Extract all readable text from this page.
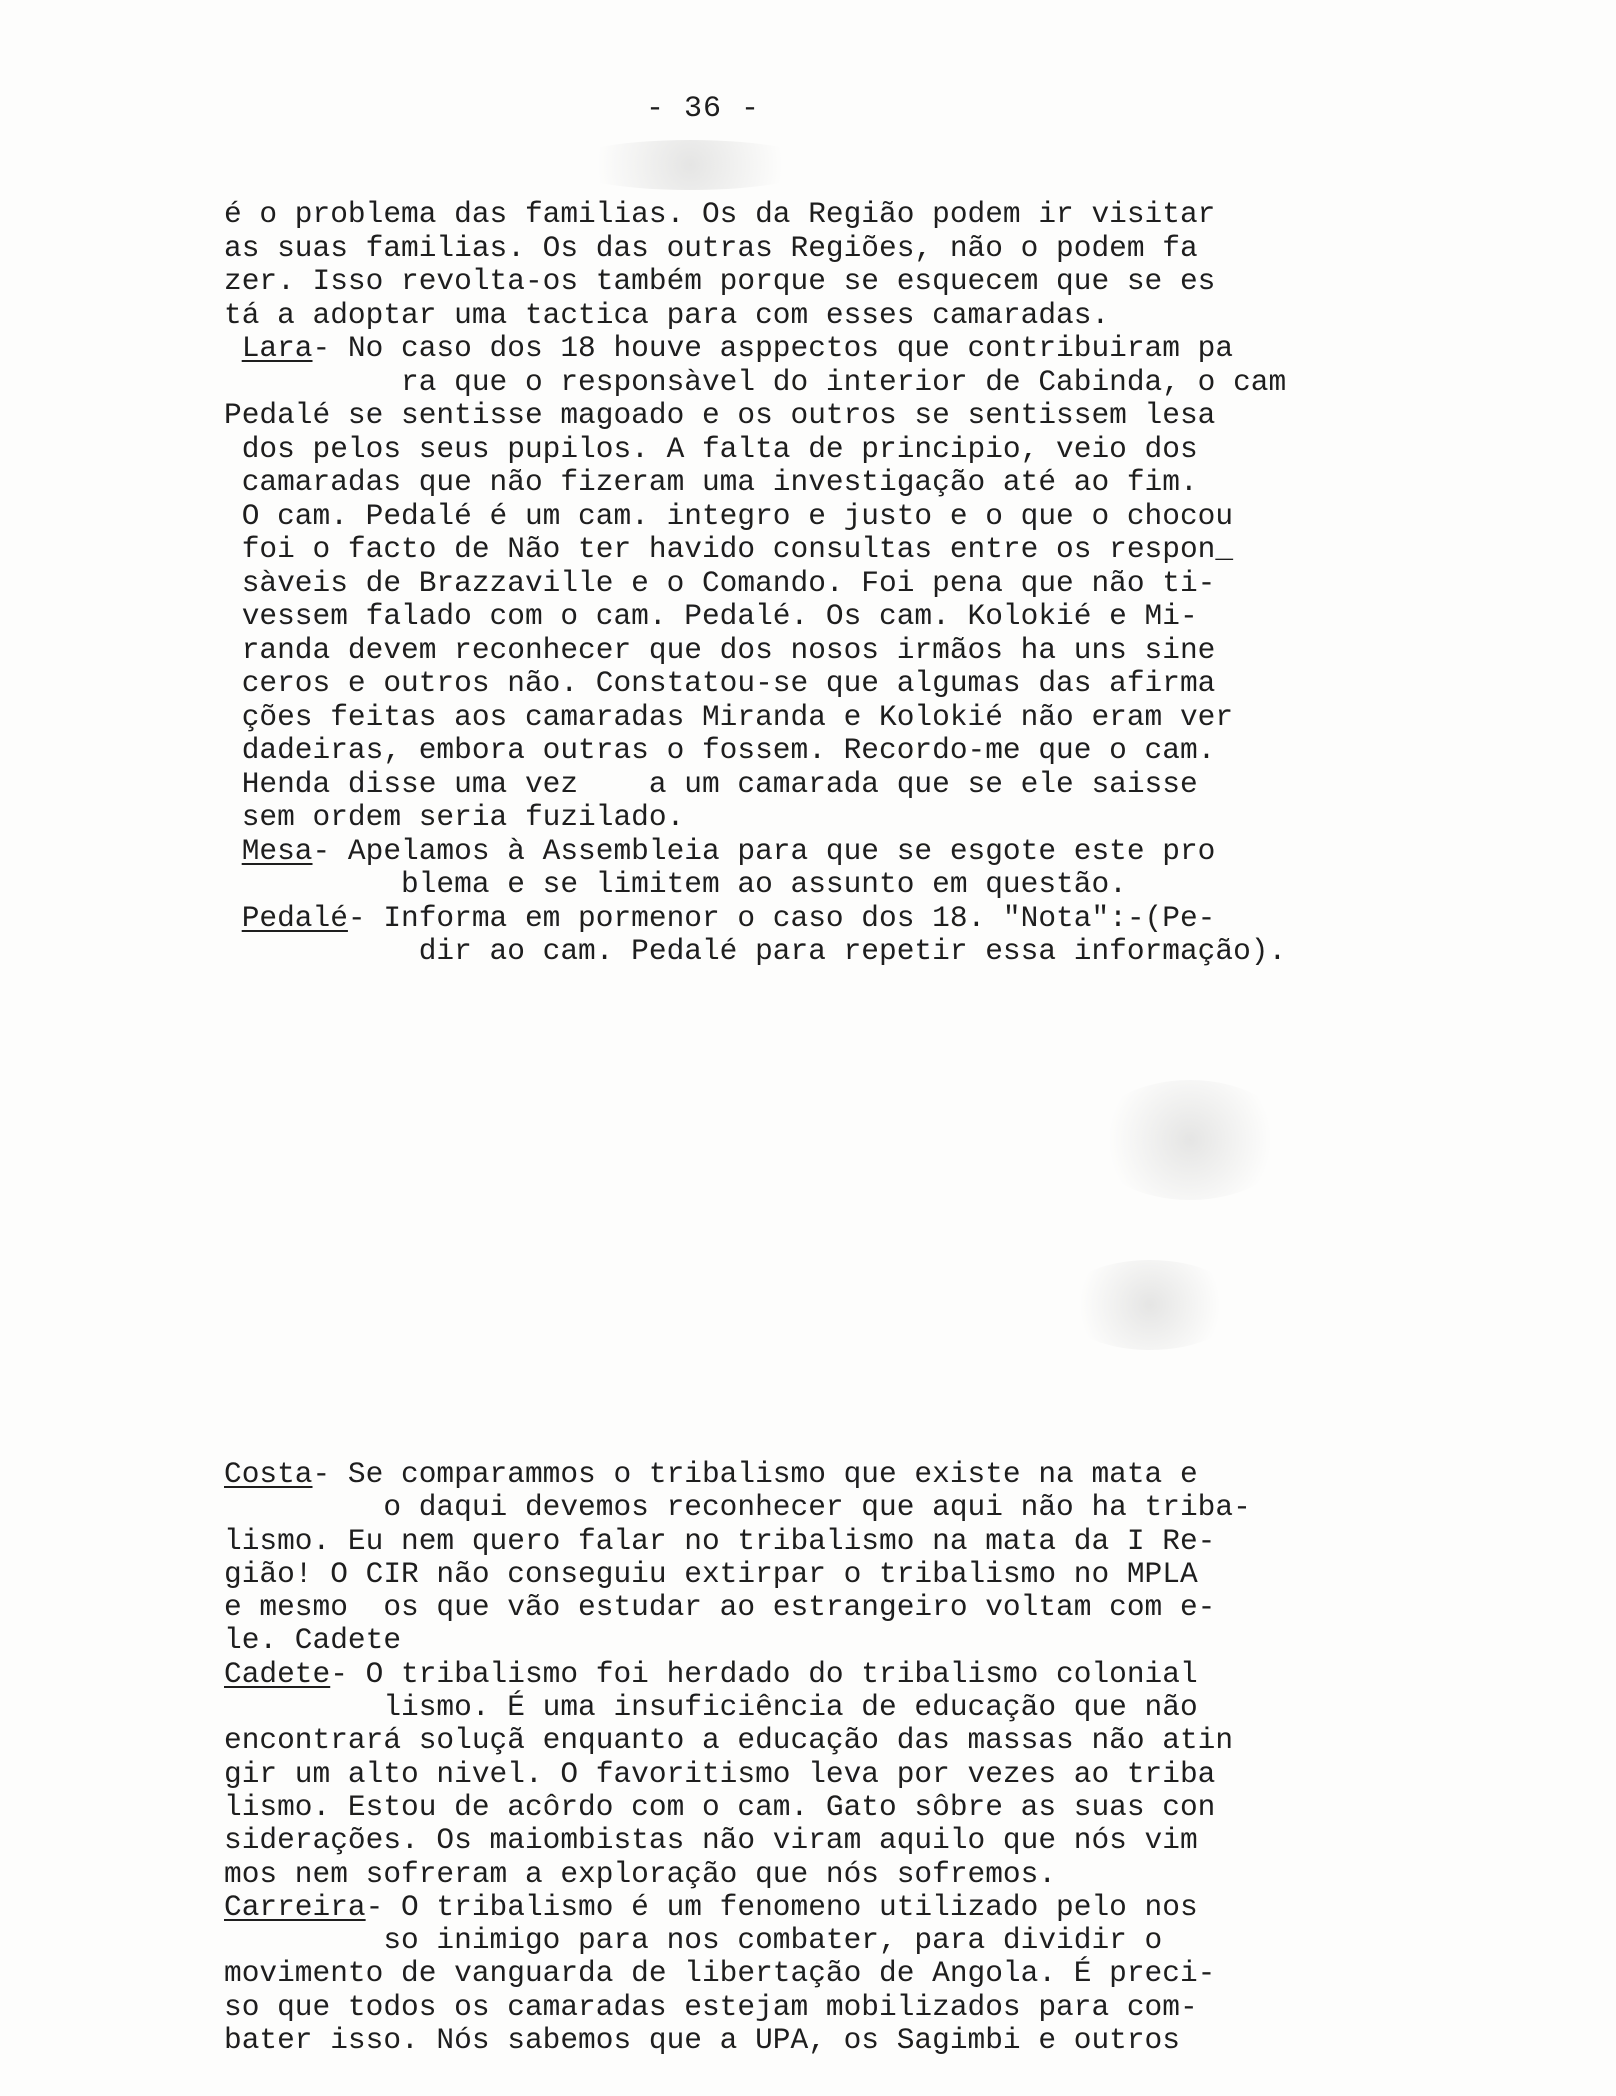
- 36 -
é o problema das familias. Os da Região podem ir visitar
as suas familias. Os das outras Regiões, não o podem fa
zer. Isso revolta-os também porque se esquecem que se es
tá a adoptar uma tactica para com esses camaradas.
Lara- No caso dos 18 houve asppectos que contribuiram pa
ra que o responsàvel do interior de Cabinda, o cam
Pedalé se sentisse magoado e os outros se sentissem lesa
dos pelos seus pupilos. A falta de principio, veio dos
camaradas que não fizeram uma investigação até ao fim.
O cam. Pedalé é um cam. integro e justo e o que o chocou
foi o facto de Não ter havido consultas entre os respon_
sàveis de Brazzaville e o Comando. Foi pena que não ti-
vessem falado com o cam. Pedalé. Os cam. Kolokié e Mi-
randa devem reconhecer que dos nosos irmãos ha uns sine
ceros e outros não. Constatou-se que algumas das afirma
ções feitas aos camaradas Miranda e Kolokié não eram ver
dadeiras, embora outras o fossem. Recordo-me que o cam.
Henda disse uma vez    a um camarada que se ele saisse
sem ordem seria fuzilado.
Mesa- Apelamos à Assembleia para que se esgote este pro
blema e se limitem ao assunto em questão.
Pedalé- Informa em pormenor o caso dos 18. "Nota":-(Pe-
dir ao cam. Pedalé para repetir essa informação).
Costa- Se comparammos o tribalismo que existe na mata e
o daqui devemos reconhecer que aqui não ha triba-
lismo. Eu nem quero falar no tribalismo na mata da I Re-
gião! O CIR não conseguiu extirpar o tribalismo no MPLA
e mesmo  os que vão estudar ao estrangeiro voltam com e-
le. Cadete
Cadete- O tribalismo foi herdado do tribalismo colonial
lismo. É uma insuficiência de educação que não
encontrará soluçã enquanto a educação das massas não atin
gir um alto nivel. O favoritismo leva por vezes ao triba
lismo. Estou de acôrdo com o cam. Gato sôbre as suas con
siderações. Os maiombistas não viram aquilo que nós vim
mos nem sofreram a exploração que nós sofremos.
Carreira- O tribalismo é um fenomeno utilizado pelo nos
so inimigo para nos combater, para dividir o
movimento de vanguarda de libertação de Angola. É preci-
so que todos os camaradas estejam mobilizados para com-
bater isso. Nós sabemos que a UPA, os Sagimbi e outros
